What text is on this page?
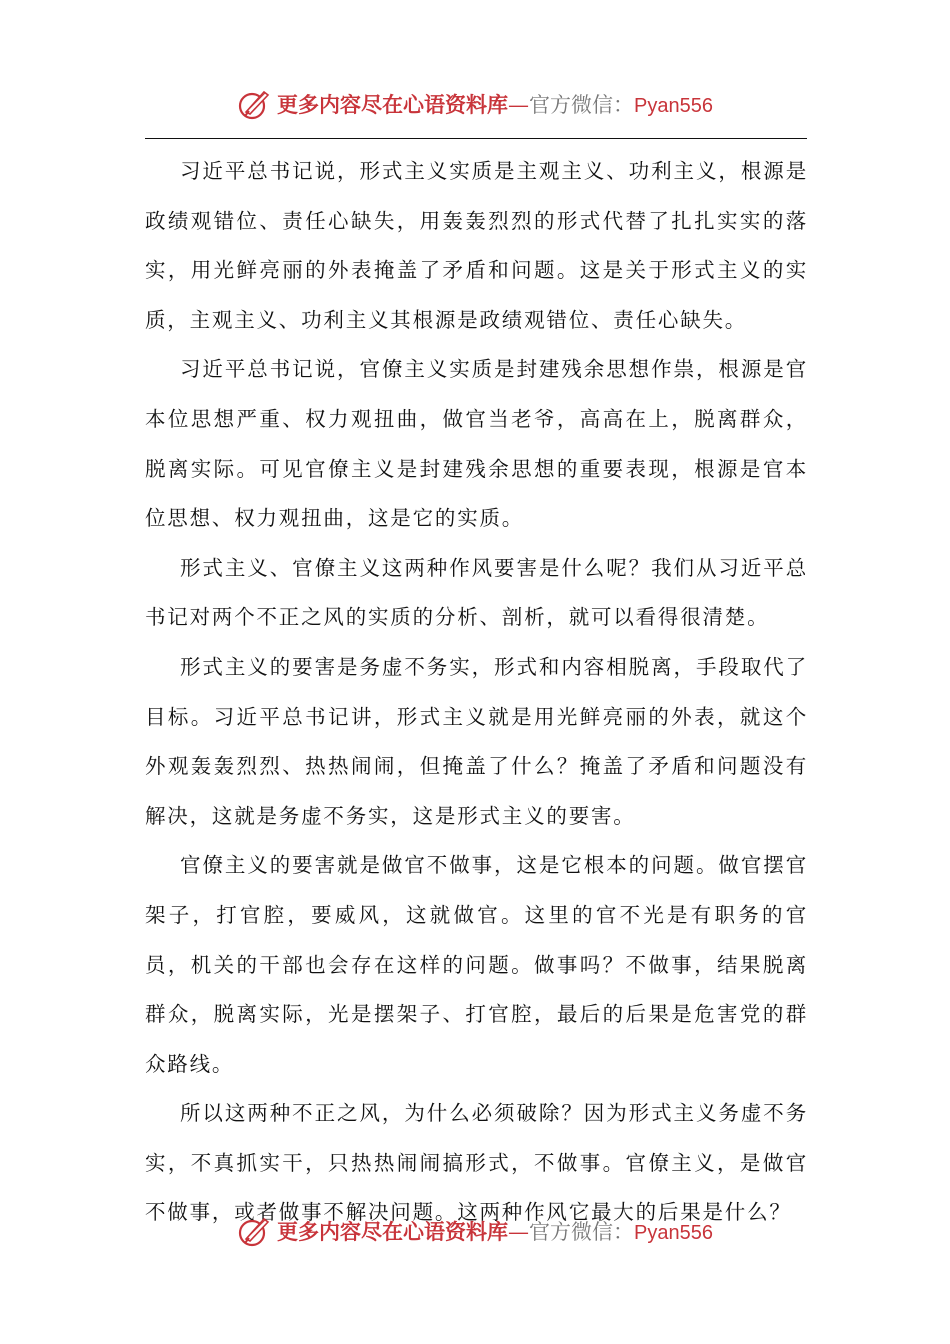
更多内容尽在心语资料库—官方微信：Pyan556

习近平总书记说，形式主义实质是主观主义、功利主义，根源是政绩观错位、责任心缺失，用轰轰烈烈的形式代替了扎扎实实的落实，用光鲜亮丽的外表掩盖了矛盾和问题。这是关于形式主义的实质，主观主义、功利主义其根源是政绩观错位、责任心缺失。

习近平总书记说，官僚主义实质是封建残余思想作祟，根源是官本位思想严重、权力观扭曲，做官当老爷，高高在上，脱离群众，脱离实际。可见官僚主义是封建残余思想的重要表现，根源是官本位思想、权力观扭曲，这是它的实质。

形式主义、官僚主义这两种作风要害是什么呢？我们从习近平总书记对两个不正之风的实质的分析、剖析，就可以看得很清楚。

形式主义的要害是务虚不务实，形式和内容相脱离，手段取代了目标。习近平总书记讲，形式主义就是用光鲜亮丽的外表，就这个外观轰轰烈烈、热热闹闹，但掩盖了什么？掩盖了矛盾和问题没有解决，这就是务虚不务实，这是形式主义的要害。

官僚主义的要害就是做官不做事，这是它根本的问题。做官摆官架子，打官腔，要威风，这就做官。这里的官不光是有职务的官员，机关的干部也会存在这样的问题。做事吗？不做事，结果脱离群众，脱离实际，光是摆架子、打官腔，最后的后果是危害党的群众路线。

所以这两种不正之风，为什么必须破除？因为形式主义务虚不务实，不真抓实干，只热热闹闹搞形式，不做事。官僚主义，是做官不做事，或者做事不解决问题。这两种作风它最大的后果是什么？

更多内容尽在心语资料库—官方微信：Pyan556
